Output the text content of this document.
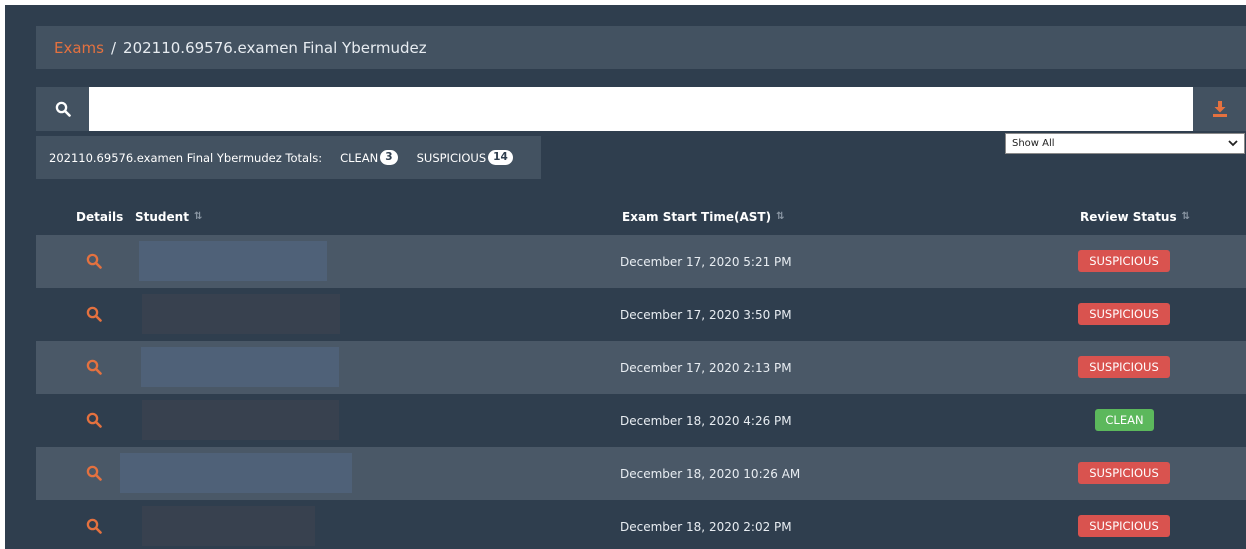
Exams / 202110.69576.examen Final Ybermudez
202110.69576.examen Final Ybermudez Totals: CLEAN 3	SUSPICIOUS 14
Show All
Details Student ⇅	Exam Start Time(AST) ⇅	Review Status ⇅
December 17, 2020 5:21 PM	SUSPICIOUS
December 17, 2020 3:50 PM	SUSPICIOUS
December 17, 2020 2:13 PM	SUSPICIOUS
December 18, 2020 4:26 PM	CLEAN
December 18, 2020 10:26 AM	SUSPICIOUS
December 18, 2020 2:02 PM	SUSPICIOUS
